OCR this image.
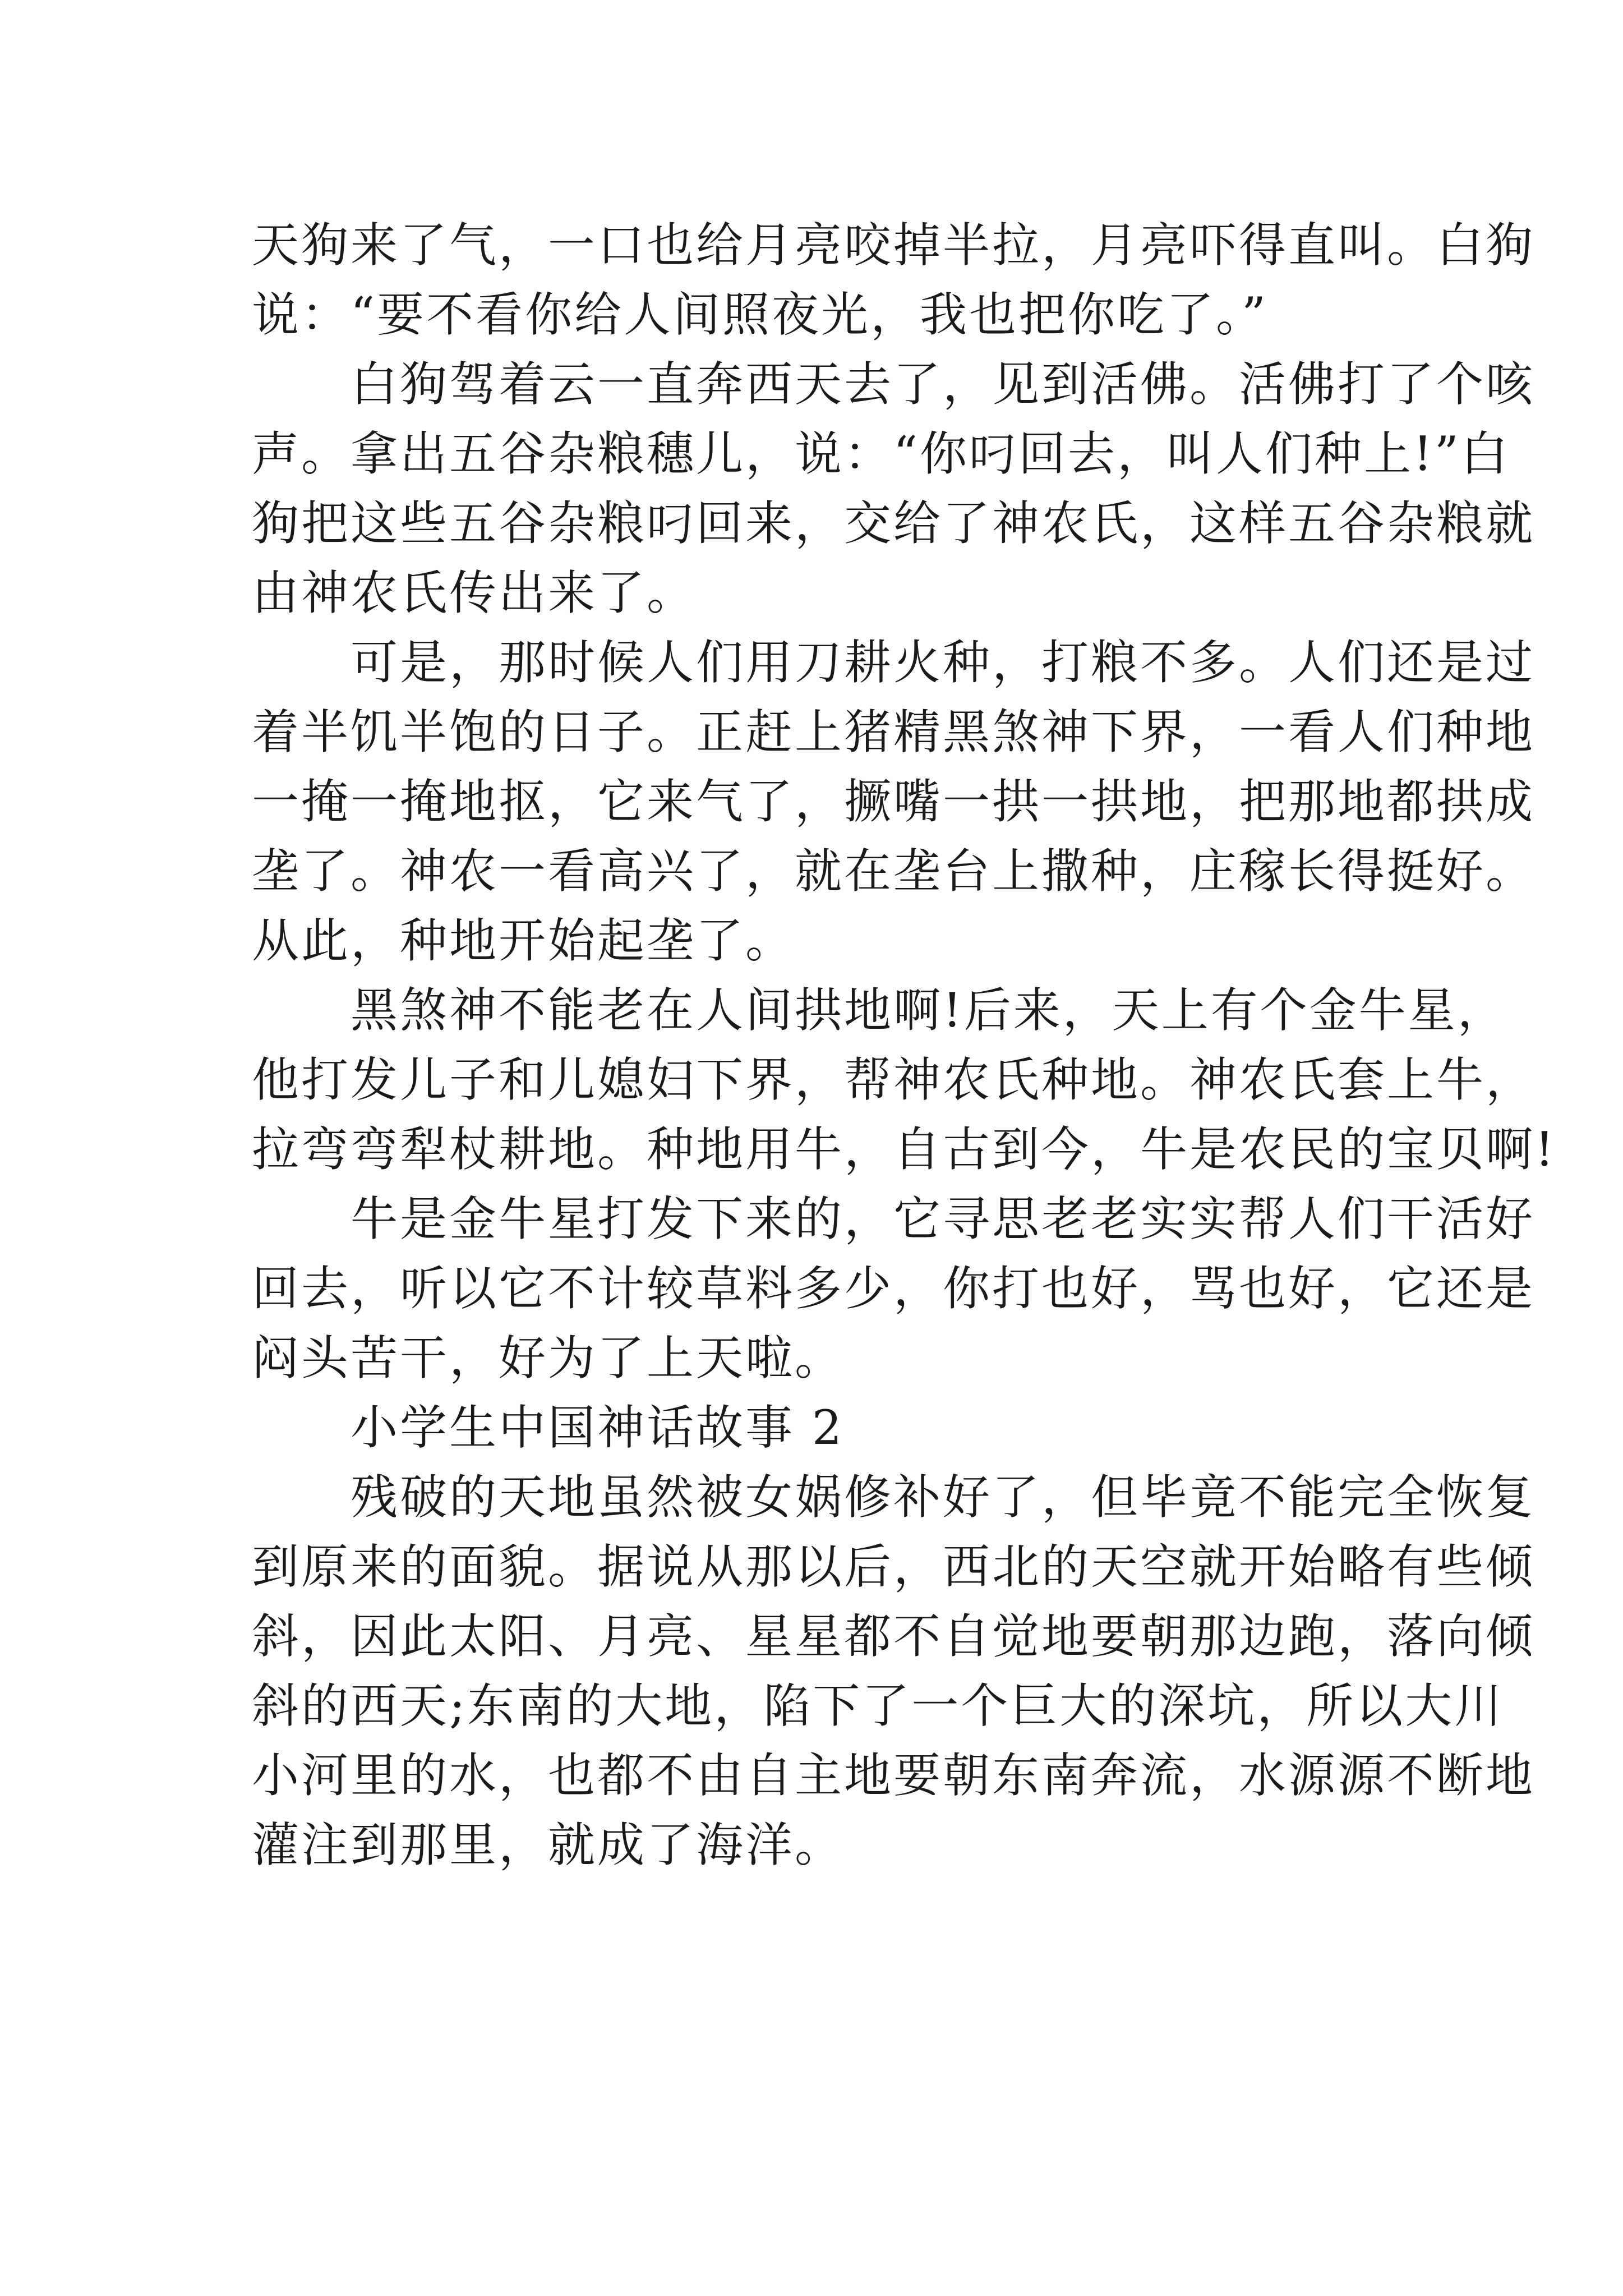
天狗来了气，一口也给月亮咬掉半拉，月亮吓得直叫。白狗
说：“要不看你给人间照夜光，我也把你吃了。”
　　白狗驾着云一直奔西天去了，见到活佛。活佛打了个咳
声。拿出五谷杂粮穗儿，说：“你叼回去，叫人们种上!”白
狗把这些五谷杂粮叼回来，交给了神农氏，这样五谷杂粮就
由神农氏传出来了。
　　可是，那时候人们用刀耕火种，打粮不多。人们还是过
着半饥半饱的日子。正赶上猪精黑煞神下界，一看人们种地
一掩一掩地抠，它来气了，撅嘴一拱一拱地，把那地都拱成
垄了。神农一看高兴了，就在垄台上撒种，庄稼长得挺好。
从此，种地开始起垄了。
　　黑煞神不能老在人间拱地啊!后来，天上有个金牛星，
他打发儿子和儿媳妇下界，帮神农氏种地。神农氏套上牛，
拉弯弯犁杖耕地。种地用牛，自古到今，牛是农民的宝贝啊!
　　牛是金牛星打发下来的，它寻思老老实实帮人们干活好
回去，听以它不计较草料多少，你打也好，骂也好，它还是
闷头苦干，好为了上天啦。
　　小学生中国神话故事 2
　　残破的天地虽然被女娲修补好了，但毕竟不能完全恢复
到原来的面貌。据说从那以后，西北的天空就开始略有些倾
斜，因此太阳、月亮、星星都不自觉地要朝那边跑，落向倾
斜的西天;东南的大地，陷下了一个巨大的深坑，所以大川
小河里的水，也都不由自主地要朝东南奔流，水源源不断地
灌注到那里，就成了海洋。
